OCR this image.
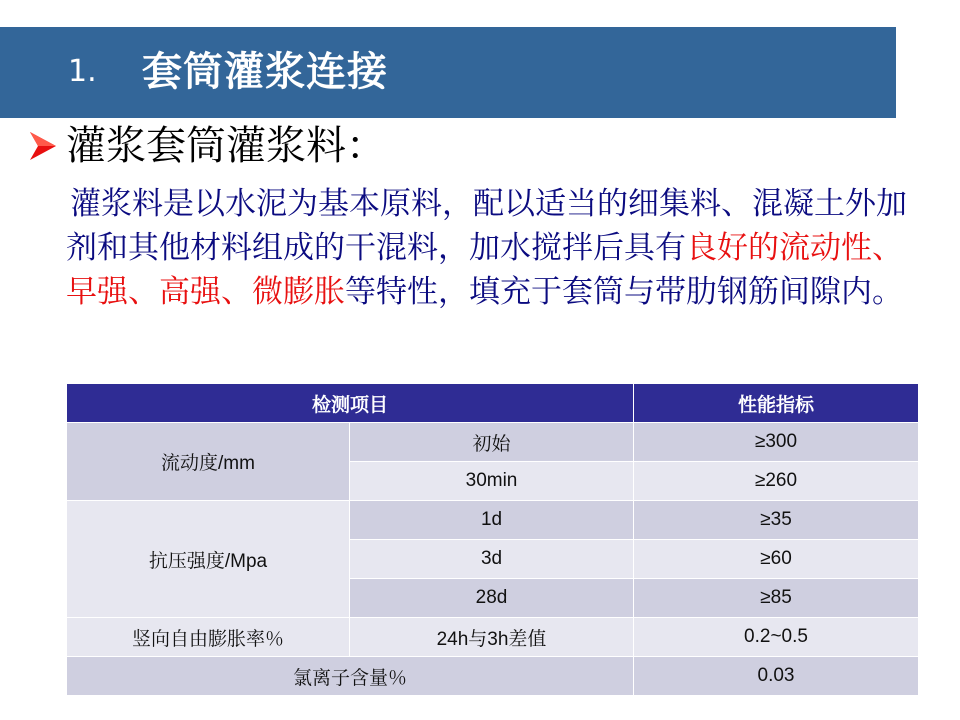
1. 套筒灌浆连接
灌浆套筒灌浆料：
灌浆料是以水泥为基本原料，配以适当的细集料、混凝土外加剂和其他材料组成的干混料，加水搅拌后具有良好的流动性、早强、高强、微膨胀等特性，填充于套筒与带肋钢筋间隙内。
检测项目		性能指标
流动度/mm	初始	≥300
	30min	≥260
抗压强度/Mpa	1d	≥35
	3d	≥60
	28d	≥85
竖向自由膨胀率％	24h与3h差值	0.2~0.5
氯离子含量％		0.03
